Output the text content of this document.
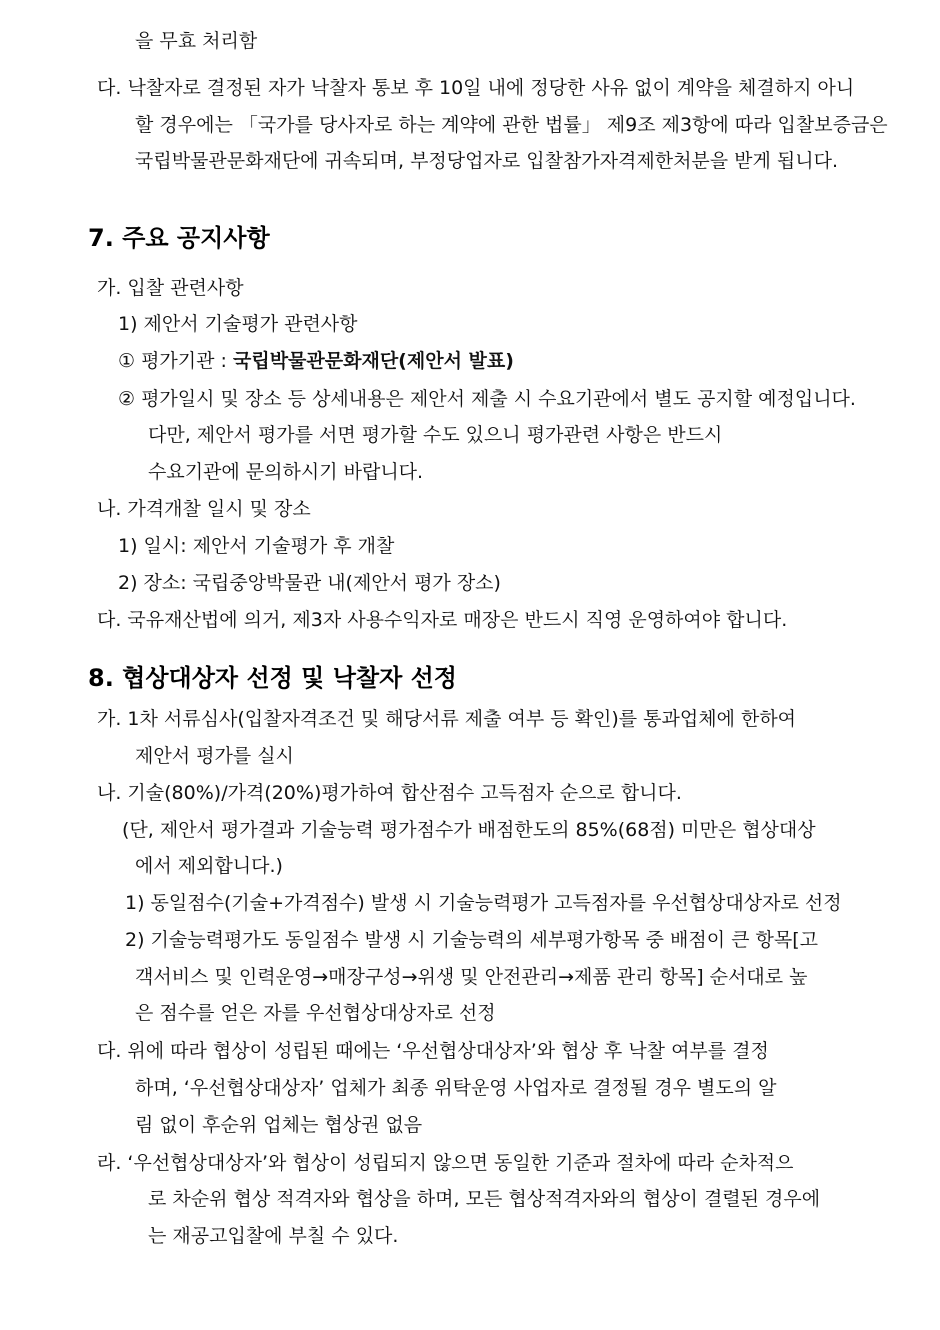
을 무효 처리함

다. 낙찰자로 결정된 자가 낙찰자 통보 후 10일 내에 정당한 사유 없이 계약을 체결하지 아니

할 경우에는 「국가를 당사자로 하는 계약에 관한 법률」 제9조 제3항에 따라 입찰보증금은

국립박물관문화재단에 귀속되며, 부정당업자로 입찰참가자격제한처분을 받게 됩니다.

7. 주요 공지사항

가. 입찰 관련사항

1) 제안서 기술평가 관련사항

① 평가기관 : 국립박물관문화재단(제안서 발표)

② 평가일시 및 장소 등 상세내용은 제안서 제출 시 수요기관에서 별도 공지할 예정입니다.

다만, 제안서 평가를 서면 평가할 수도 있으니 평가관련 사항은 반드시

수요기관에 문의하시기 바랍니다.

나. 가격개찰 일시 및 장소

1) 일시: 제안서 기술평가 후 개찰

2) 장소: 국립중앙박물관 내(제안서 평가 장소)

다. 국유재산법에 의거, 제3자 사용수익자로 매장은 반드시 직영 운영하여야 합니다.

8. 협상대상자 선정 및 낙찰자 선정

가. 1차 서류심사(입찰자격조건 및 해당서류 제출 여부 등 확인)를 통과업체에 한하여

제안서 평가를 실시

나. 기술(80%)/가격(20%)평가하여 합산점수 고득점자 순으로 합니다.

(단, 제안서 평가결과 기술능력 평가점수가 배점한도의 85%(68점) 미만은 협상대상

에서 제외합니다.)

1) 동일점수(기술+가격점수) 발생 시 기술능력평가 고득점자를 우선협상대상자로 선정

2) 기술능력평가도 동일점수 발생 시 기술능력의 세부평가항목 중 배점이 큰 항목[고

객서비스 및 인력운영→매장구성→위생 및 안전관리→제품 관리 항목] 순서대로 높

은 점수를 얻은 자를 우선협상대상자로 선정

다. 위에 따라 협상이 성립된 때에는 ‘우선협상대상자’와 협상 후 낙찰 여부를 결정

하며, ‘우선협상대상자’ 업체가 최종 위탁운영 사업자로 결정될 경우 별도의 알

림 없이 후순위 업체는 협상권 없음

라. ‘우선협상대상자’와 협상이 성립되지 않으면 동일한 기준과 절차에 따라 순차적으

로 차순위 협상 적격자와 협상을 하며, 모든 협상적격자와의 협상이 결렬된 경우에

는 재공고입찰에 부칠 수 있다.
